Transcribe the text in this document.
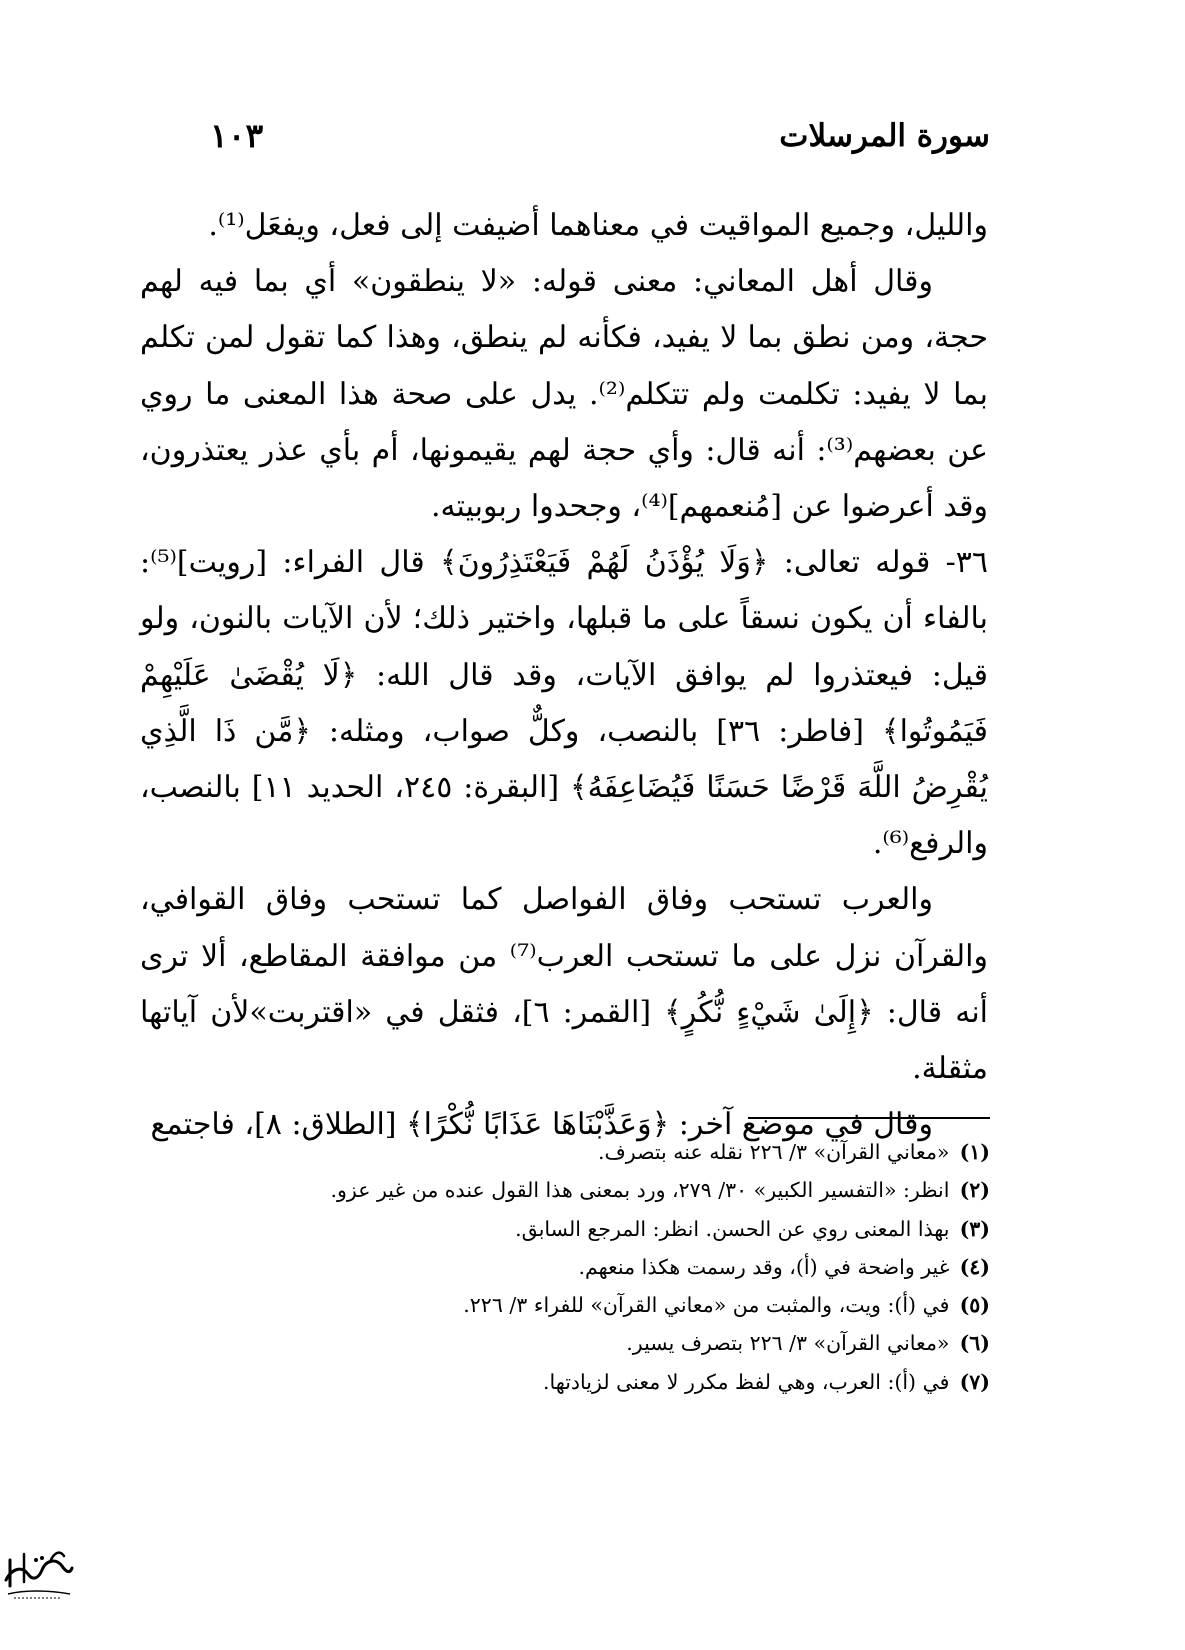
سورة المرسلات
١٠٣

والليل، وجميع المواقيت في معناهما أضيفت إلى فعل، ويفعَل⁽¹⁾.

وقال أهل المعاني: معنى قوله: «لا ينطقون» أي بما فيه لهم حجة، ومن نطق بما لا يفيد، فكأنه لم ينطق، وهذا كما تقول لمن تكلم بما لا يفيد: تكلمت ولم تتكلم⁽²⁾. يدل على صحة هذا المعنى ما روي عن بعضهم⁽³⁾: أنه قال: وأي حجة لهم يقيمونها، أم بأي عذر يعتذرون، وقد أعرضوا عن [مُنعمهم]⁽⁴⁾، وجحدوا ربوبيته.

٣٦- قوله تعالى: ﴿وَلَا يُؤْذَنُ لَهُمْ فَيَعْتَذِرُونَ﴾ قال الفراء: [رويت]⁽⁵⁾: بالفاء أن يكون نسقاً على ما قبلها، واختير ذلك؛ لأن الآيات بالنون، ولو قيل: فيعتذروا لم يوافق الآيات، وقد قال الله: ﴿لَا يُقْضَىٰ عَلَيْهِمْ فَيَمُوتُوا﴾ [فاطر: ٣٦] بالنصب، وكلٌّ صواب، ومثله: ﴿مَّن ذَا الَّذِي يُقْرِضُ اللَّهَ قَرْضًا حَسَنًا فَيُضَاعِفَهُ﴾ [البقرة: ٢٤٥، الحديد ١١] بالنصب، والرفع⁽⁶⁾.

والعرب تستحب وفاق الفواصل كما تستحب وفاق القوافي، والقرآن نزل على ما تستحب العرب⁽⁷⁾ من موافقة المقاطع، ألا ترى أنه قال: ﴿إِلَىٰ شَيْءٍ نُّكُرٍ﴾ [القمر: ٦]، فثقل في «اقتربت»لأن آياتها مثقلة.

وقال في موضع آخر: ﴿وَعَذَّبْنَاهَا عَذَابًا نُّكْرًا﴾ [الطلاق: ٨]، فاجتمع

(١) «معاني القرآن» ٣/ ٢٢٦ نقله عنه بتصرف.
(٢) انظر: «التفسير الكبير» ٣٠/ ٢٧٩، ورد بمعنى هذا القول عنده من غير عزو.
(٣) بهذا المعنى روي عن الحسن. انظر: المرجع السابق.
(٤) غير واضحة في (أ)، وقد رسمت هكذا منعهم.
(٥) في (أ): ويت، والمثبت من «معاني القرآن» للفراء ٣/ ٢٢٦.
(٦) «معاني القرآن» ٣/ ٢٢٦ بتصرف يسير.
(٧) في (أ): العرب، وهي لفظ مكرر لا معنى لزيادتها.
